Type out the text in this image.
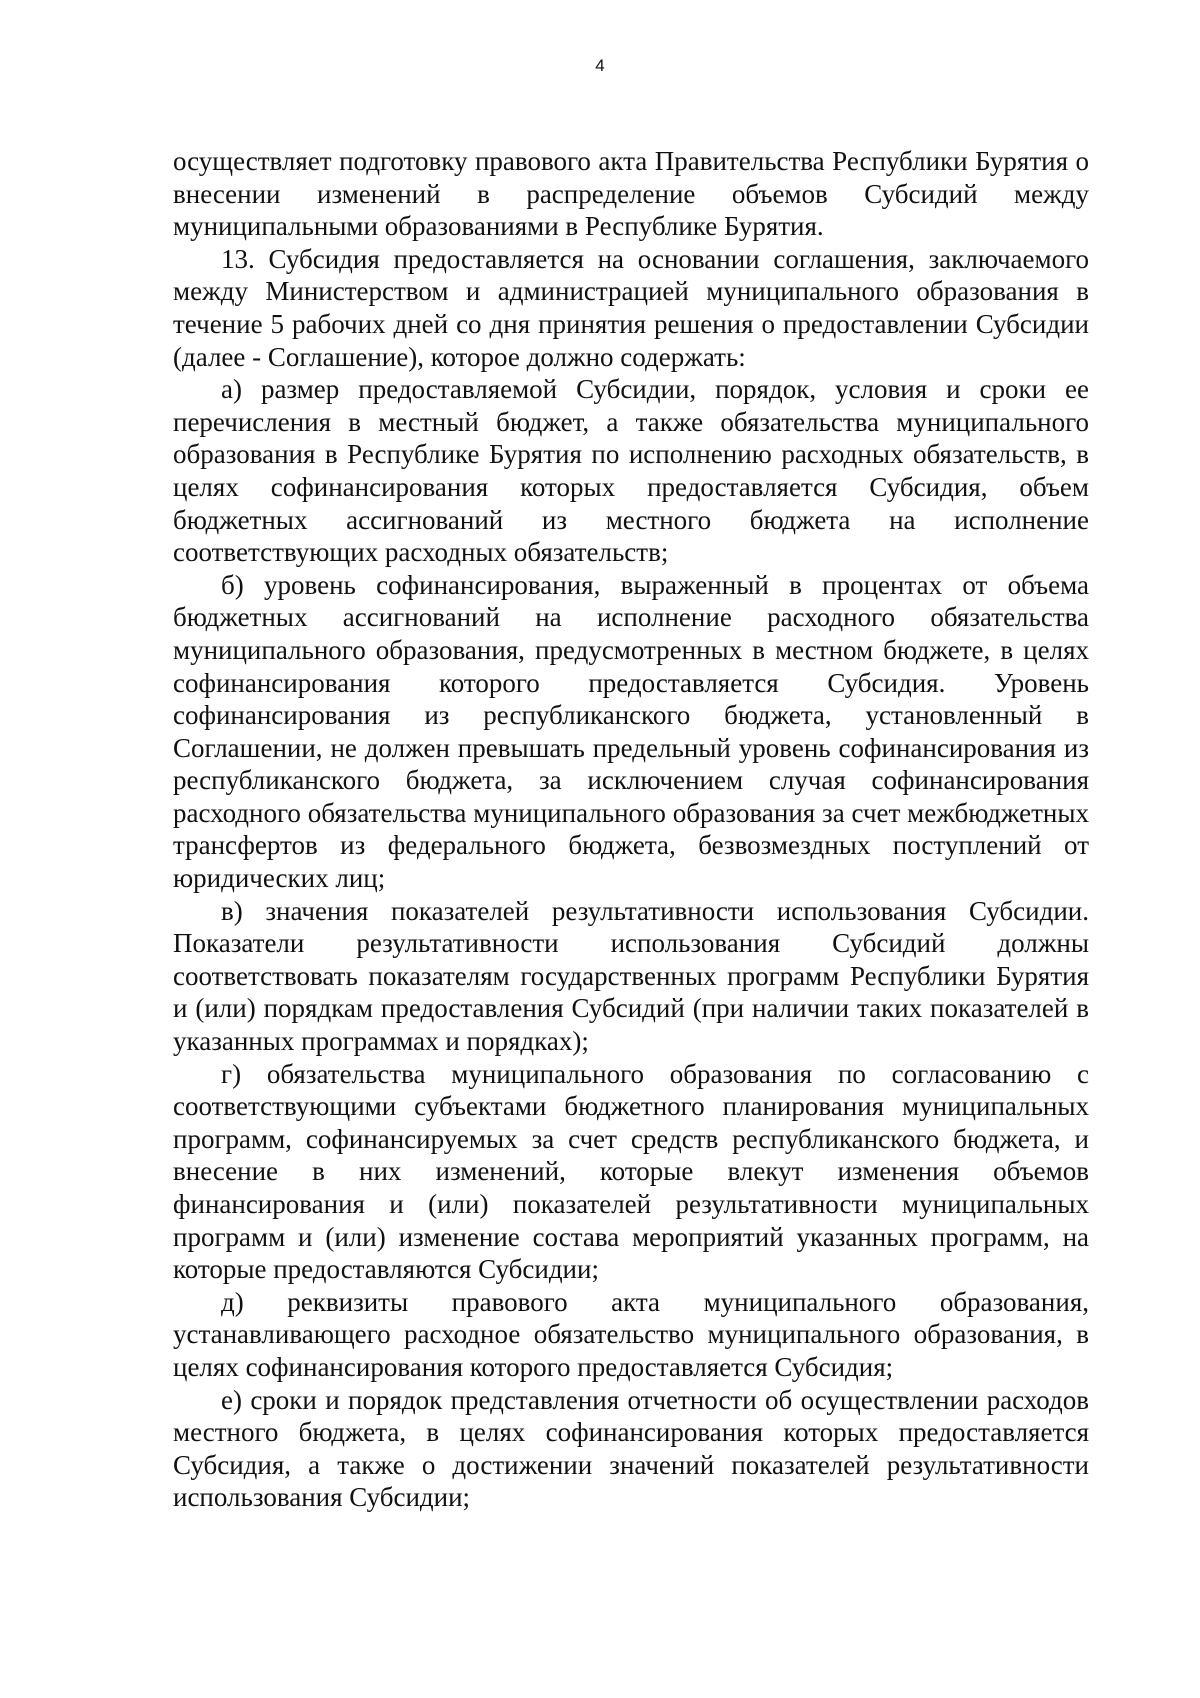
4

осуществляет подготовку правового акта Правительства Республики Бурятия о внесении изменений в распределение объемов Субсидий между муниципальными образованиями в Республике Бурятия.

13. Субсидия предоставляется на основании соглашения, заключаемого между Министерством и администрацией муниципального образования в течение 5 рабочих дней со дня принятия решения о предоставлении Субсидии (далее - Соглашение), которое должно содержать:

а) размер предоставляемой Субсидии, порядок, условия и сроки ее перечисления в местный бюджет, а также обязательства муниципального образования в Республике Бурятия по исполнению расходных обязательств, в целях софинансирования которых предоставляется Субсидия, объем бюджетных ассигнований из местного бюджета на исполнение соответствующих расходных обязательств;

б) уровень софинансирования, выраженный в процентах от объема бюджетных ассигнований на исполнение расходного обязательства муниципального образования, предусмотренных в местном бюджете, в целях софинансирования которого предоставляется Субсидия. Уровень софинансирования из республиканского бюджета, установленный в Соглашении, не должен превышать предельный уровень софинансирования из республиканского бюджета, за исключением случая софинансирования расходного обязательства муниципального образования за счет межбюджетных трансфертов из федерального бюджета, безвозмездных поступлений от юридических лиц;

в) значения показателей результативности использования Субсидии. Показатели результативности использования Субсидий должны соответствовать показателям государственных программ Республики Бурятия и (или) порядкам предоставления Субсидий (при наличии таких показателей в указанных программах и порядках);

г) обязательства муниципального образования по согласованию с соответствующими субъектами бюджетного планирования муниципальных программ, софинансируемых за счет средств республиканского бюджета, и внесение в них изменений, которые влекут изменения объемов финансирования и (или) показателей результативности муниципальных программ и (или) изменение состава мероприятий указанных программ, на которые предоставляются Субсидии;

д) реквизиты правового акта муниципального образования, устанавливающего расходное обязательство муниципального образования, в целях софинансирования которого предоставляется Субсидия;

е) сроки и порядок представления отчетности об осуществлении расходов местного бюджета, в целях софинансирования которых предоставляется Субсидия, а также о достижении значений показателей результативности использования Субсидии;
